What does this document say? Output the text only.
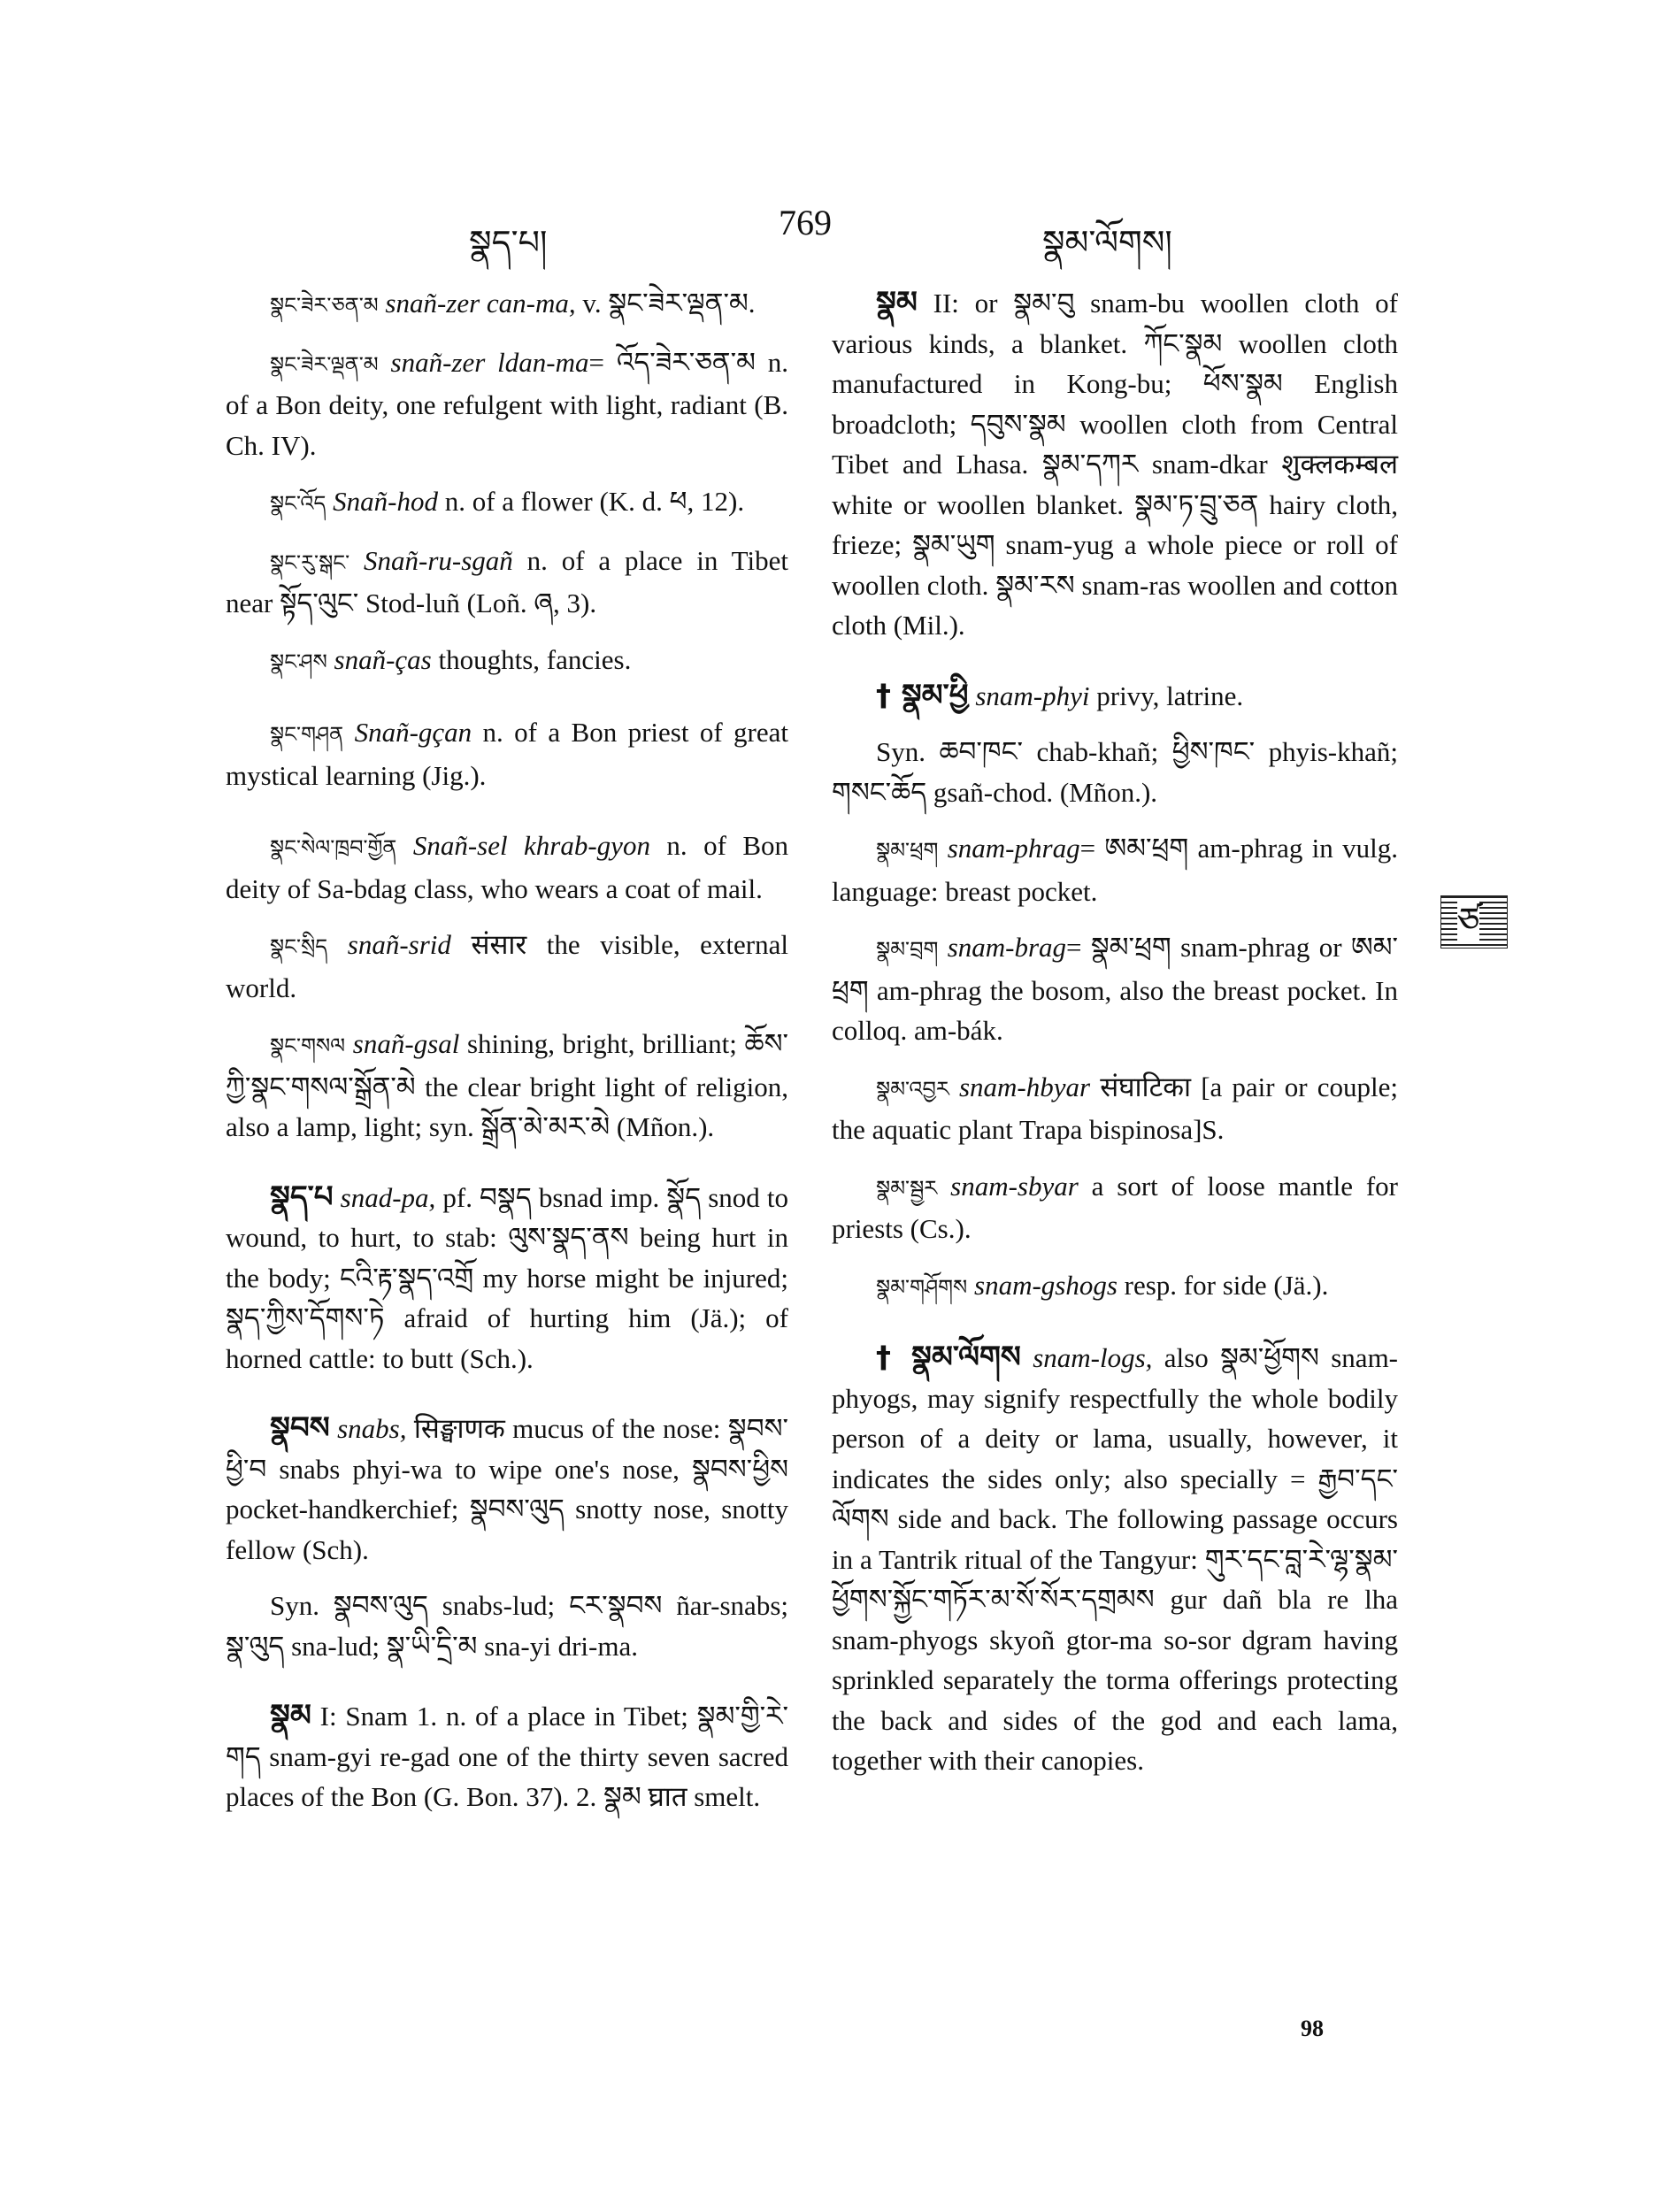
སྣད་པ།	769	སྣམ་ལོགས།

སྣང་ཟེར་ཅན་མ snañ-zer can-ma, v. སྣང་ཟེར་ལྡན་མ.

སྣང་ཟེར་ལྡན་མ snañ-zer ldan-ma= འོད་ཟེར་ཅན་མ n. of a Bon deity, one refulgent with light, radiant (B. Ch. IV).

སྣང་འོད Snañ-hod n. of a flower (K. d. ཕ, 12).

སྣང་རུ་སྒང་ Snañ-ru-sgañ n. of a place in Tibet near སྟོད་ལུང་ Stod-luñ (Loñ. ཞ, 3).

སྣང་ཤས snañ-ças thoughts, fancies.

སྣང་གཤན Snañ-gçan n. of a Bon priest of great mystical learning (Jig.).

སྣང་སེལ་ཁྲབ་གྱོན Snañ-sel khrab-gyon n. of Bon deity of Sa-bdag class, who wears a coat of mail.

སྣང་སྲིད snañ-srid संसार the visible, external world.

སྣང་གསལ snañ-gsal shining, bright, brilliant; ཆོས་ཀྱི་སྣང་གསལ་སྒྲོན་མེ the clear bright light of religion, also a lamp, light; syn. སྒྲོན་མེ་མར་མེ (Mñon.).

སྣད་པ snad-pa, pf. བསྣད bsnad imp. སྣོད snod to wound, to hurt, to stab: ལུས་སྣད་ནས being hurt in the body; ངའི་རྟ་སྣད་འགྲོ my horse might be injured; སྣད་ཀྱིས་དོགས་ཏེ afraid of hurting him (Jä.); of horned cattle: to butt (Sch.).

སྣབས snabs, सिङ्घाणक mucus of the nose: སྣབས་ཕྱི་བ snabs phyi-wa to wipe one's nose, སྣབས་ཕྱིས pocket-handkerchief; སྣབས་ལུད snotty nose, snotty fellow (Sch).

Syn. སྣབས་ལུད snabs-lud; ངར་སྣབས ñar-snabs; སྣ་ལུད sna-lud; སྣ་ཡི་དྲི་མ sna-yi dri-ma.

སྣམ I: Snam 1. n. of a place in Tibet; སྣམ་གྱི་རེ་གད snam-gyi re-gad one of the thirty seven sacred places of the Bon (G. Bon. 37). 2. སྣམ घ्रात smelt.

སྣམ II: or སྣམ་བུ snam-bu woollen cloth of various kinds, a blanket. ཀོང་སྣམ woollen cloth manufactured in Kong-bu; ཕོས་སྣམ English broadcloth; དབུས་སྣམ woollen cloth from Central Tibet and Lhasa. སྣམ་དཀར snam-dkar शुक्लकम्बल white or woollen blanket. སྣམ་ཏ་བྲུ་ཅན hairy cloth, frieze; སྣམ་ཡུག snam-yug a whole piece or roll of woollen cloth. སྣམ་རས snam-ras woollen and cotton cloth (Mil.).

† སྣམ་ཕྱི snam-phyi privy, latrine.

Syn. ཆབ་ཁང་ chab-khañ; ཕྱིས་ཁང་ phyis-khañ; གསང་ཆོད gsañ-chod. (Mñon.).

སྣམ་ཕྲག snam-phrag= ཨམ་ཕྲག am-phrag in vulg. language: breast pocket.

སྣམ་བྲག snam-brag= སྣམ་ཕྲག snam-phrag or ཨམ་ཕྲག am-phrag the bosom, also the breast pocket. In colloq. am-bák.

སྣམ་འབྱར snam-hbyar संघाटिका [a pair or couple; the aquatic plant Trapa bispinosa]S.

སྣམ་སྦྱར snam-sbyar a sort of loose mantle for priests (Cs.).

སྣམ་གཤོགས snam-gshogs resp. for side (Jä.).

† སྣམ་ལོགས snam-logs, also སྣམ་ཕྱོགས snam-phyogs, may signify respectfully the whole bodily person of a deity or lama, usually, however, it indicates the sides only; also specially = རྒྱབ་དང་ལོགས side and back. The following passage occurs in a Tantrik ritual of the Tangyur: གུར་དང་བླ་རེ་ལྷ་སྣམ་ཕྱོགས་སྐྱོང་གཏོར་མ་སོ་སོར་དགྲམས gur dañ bla re lha snam-phyogs skyoñ gtor-ma so-sor dgram having sprinkled separately the torma offerings protecting the back and sides of the god and each lama, together with their canopies.

ཙ
98
